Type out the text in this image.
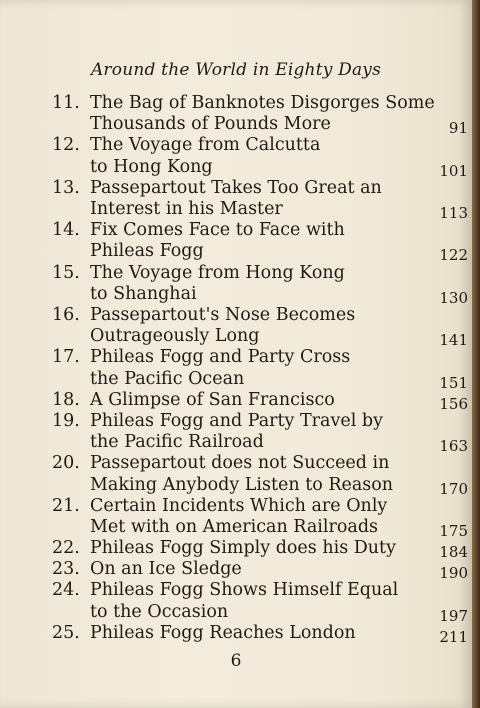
Around the World in Eighty Days
11. The Bag of Banknotes Disgorges Some
Thousands of Pounds More	91
12. The Voyage from Calcutta
to Hong Kong	101
13. Passepartout Takes Too Great an
Interest in his Master	113
14. Fix Comes Face to Face with
Phileas Fogg	122
15. The Voyage from Hong Kong
to Shanghai	130
16. Passepartout's Nose Becomes
Outrageously Long	141
17. Phileas Fogg and Party Cross
the Pacific Ocean	151
18. A Glimpse of San Francisco	156
19. Phileas Fogg and Party Travel by
the Pacific Railroad	163
20. Passepartout does not Succeed in
Making Anybody Listen to Reason	170
21. Certain Incidents Which are Only
Met with on American Railroads	175
22. Phileas Fogg Simply does his Duty	184
23. On an Ice Sledge	190
24. Phileas Fogg Shows Himself Equal
to the Occasion	197
25. Phileas Fogg Reaches London	211
6
